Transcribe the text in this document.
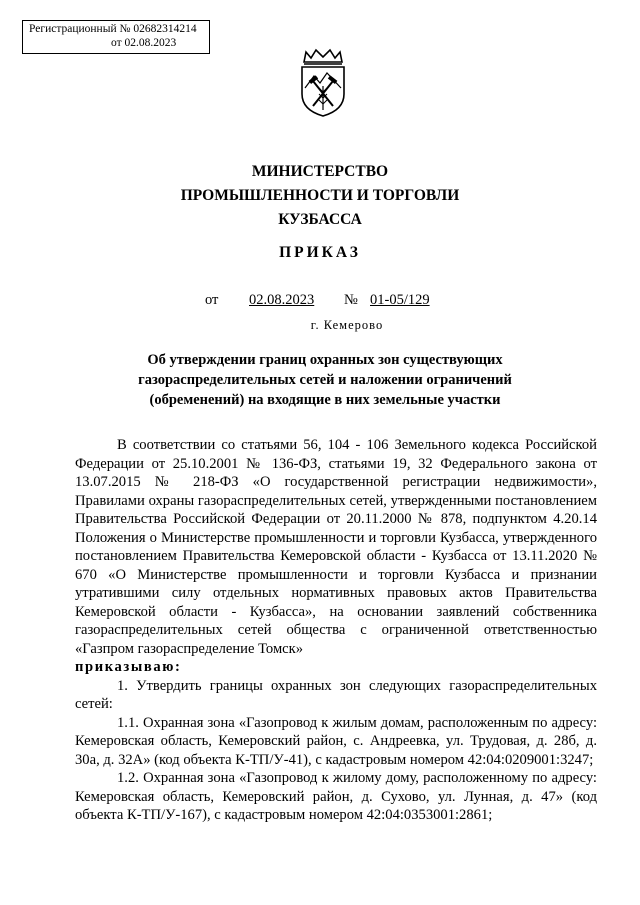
Регистрационный № 02682314214
от 02.08.2023
МИНИСТЕРСТВО
ПРОМЫШЛЕННОСТИ И ТОРГОВЛИ
КУЗБАССА
ПРИКАЗ
от 02.08.2023 № 01-05/129
г. Кемерово
Об утверждении границ охранных зон существующих газораспределительных сетей и наложении ограничений (обременений) на входящие в них земельные участки

В соответствии со статьями 56, 104 - 106 Земельного кодекса Российской Федерации от 25.10.2001 № 136-ФЗ, статьями 19, 32 Федерального закона от 13.07.2015 № 218-ФЗ «О государственной регистрации недвижимости», Правилами охраны газораспределительных сетей, утвержденными постановлением Правительства Российской Федерации от 20.11.2000 № 878, подпунктом 4.20.14 Положения о Министерстве промышленности и торговли Кузбасса, утвержденного постановлением Правительства Кемеровской области - Кузбасса от 13.11.2020 № 670 «О Министерстве промышленности и торговли Кузбасса и признании утратившими силу отдельных нормативных правовых актов Правительства Кемеровской области - Кузбасса», на основании заявлений собственника газораспределительных сетей общества с ограниченной ответственностью «Газпром газораспределение Томск»

приказываю:

1. Утвердить границы охранных зон следующих газораспределительных сетей:

1.1. Охранная зона «Газопровод к жилым домам, расположенным по адресу: Кемеровская область, Кемеровский район, с. Андреевка, ул. Трудовая, д. 28б, д. 30а, д. 32А» (код объекта К-ТП/У-41), с кадастровым номером 42:04:0209001:3247;

1.2. Охранная зона «Газопровод к жилому дому, расположенному по адресу: Кемеровская область, Кемеровский район, д. Сухово, ул. Лунная, д. 47» (код объекта К-ТП/У-167), с кадастровым номером 42:04:0353001:2861;
